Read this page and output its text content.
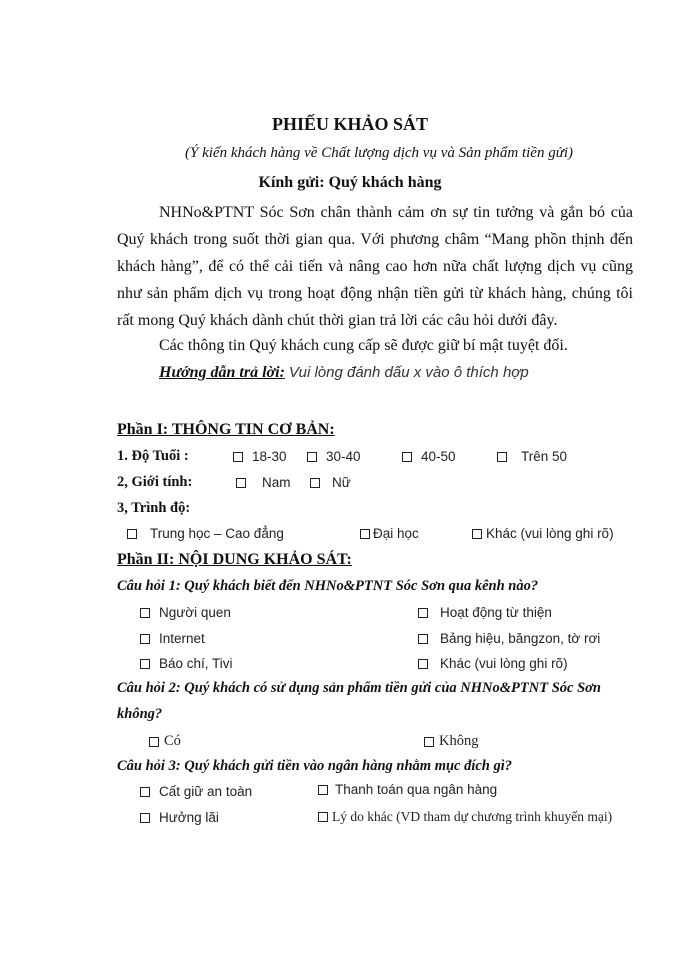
PHIẾU KHẢO SÁT
(Ý kiến khách hàng về Chất lượng dịch vụ và Sản phẩm tiền gửi)
Kính gửi: Quý khách hàng
NHNo&PTNT Sóc Sơn chân thành cảm ơn sự tin tưởng và gắn bó của Quý khách trong suốt thời gian qua. Với phương châm “Mang phồn thịnh đến khách hàng”, để có thể cải tiến và nâng cao hơn nữa chất lượng dịch vụ cũng như sản phẩm dịch vụ trong hoạt động nhận tiền gửi từ khách hàng, chúng tôi rất mong Quý khách dành chút thời gian trả lời các câu hỏi dưới đây.
Các thông tin Quý khách cung cấp sẽ được giữ bí mật tuyệt đối.
Hướng dẫn trả lời: Vui lòng đánh dấu x vào ô thích hợp
Phần I: THÔNG TIN CƠ BẢN:
1. Độ Tuổi :	18-30	30-40	40-50	Trên 50
2, Giới tính:	Nam	Nữ
3, Trình độ:
Trung học – Cao đẳng	Đại học	Khác (vui lòng ghi rõ)
Phần II: NỘI DUNG KHẢO SÁT:
Câu hỏi 1: Quý khách biết đến NHNo&PTNT Sóc Sơn qua kênh nào?
Người quen	Hoạt động từ thiện
Internet	Bảng hiệu, băngzon, tờ rơi
Báo chí, Tivi	Khác (vui lòng ghi rõ)
Câu hỏi 2: Quý khách có sử dụng sản phẩm tiền gửi của NHNo&PTNT Sóc Sơn
không?
Có	Không
Câu hỏi 3: Quý khách gửi tiền vào ngân hàng nhằm mục đích gì?
Cất giữ an toàn	Thanh toán qua ngân hàng
Hưởng lãi	Lý do khác (VD tham dự chương trình khuyến mại)
